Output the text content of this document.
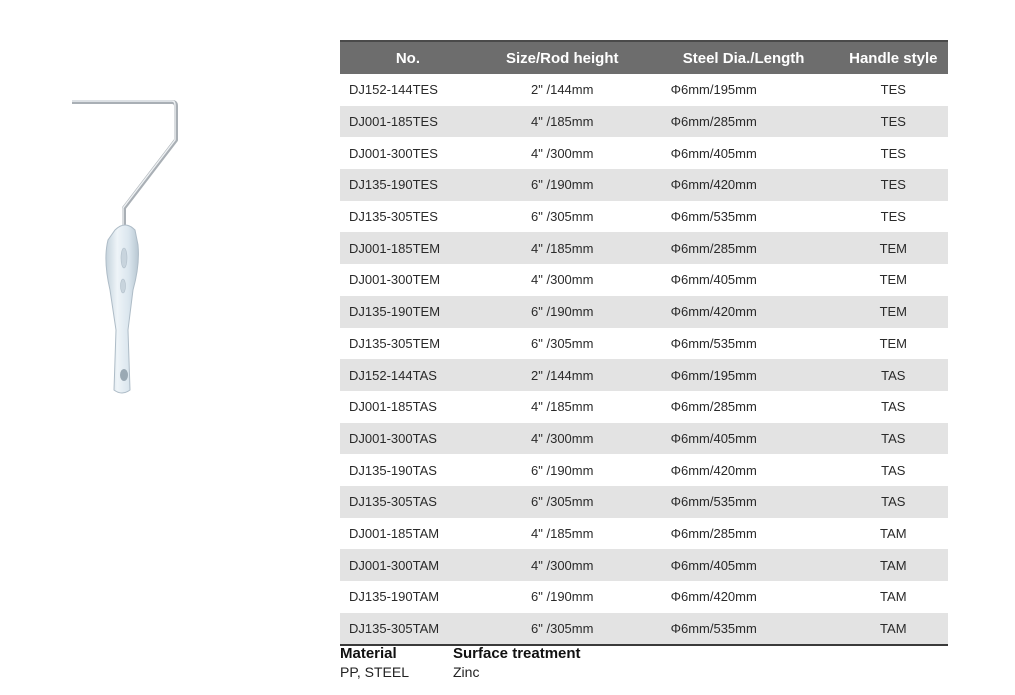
No.	Size/Rod height	Steel Dia./Length	Handle style
DJ152-144TES	2" /144mm	Φ6mm/195mm	TES
DJ001-185TES	4" /185mm	Φ6mm/285mm	TES
DJ001-300TES	4" /300mm	Φ6mm/405mm	TES
DJ135-190TES	6" /190mm	Φ6mm/420mm	TES
DJ135-305TES	6" /305mm	Φ6mm/535mm	TES
DJ001-185TEM	4" /185mm	Φ6mm/285mm	TEM
DJ001-300TEM	4" /300mm	Φ6mm/405mm	TEM
DJ135-190TEM	6" /190mm	Φ6mm/420mm	TEM
DJ135-305TEM	6" /305mm	Φ6mm/535mm	TEM
DJ152-144TAS	2" /144mm	Φ6mm/195mm	TAS
DJ001-185TAS	4" /185mm	Φ6mm/285mm	TAS
DJ001-300TAS	4" /300mm	Φ6mm/405mm	TAS
DJ135-190TAS	6" /190mm	Φ6mm/420mm	TAS
DJ135-305TAS	6" /305mm	Φ6mm/535mm	TAS
DJ001-185TAM	4" /185mm	Φ6mm/285mm	TAM
DJ001-300TAM	4" /300mm	Φ6mm/405mm	TAM
DJ135-190TAM	6" /190mm	Φ6mm/420mm	TAM
DJ135-305TAM	6" /305mm	Φ6mm/535mm	TAM
Material
PP, STEEL
Surface treatment
Zinc
